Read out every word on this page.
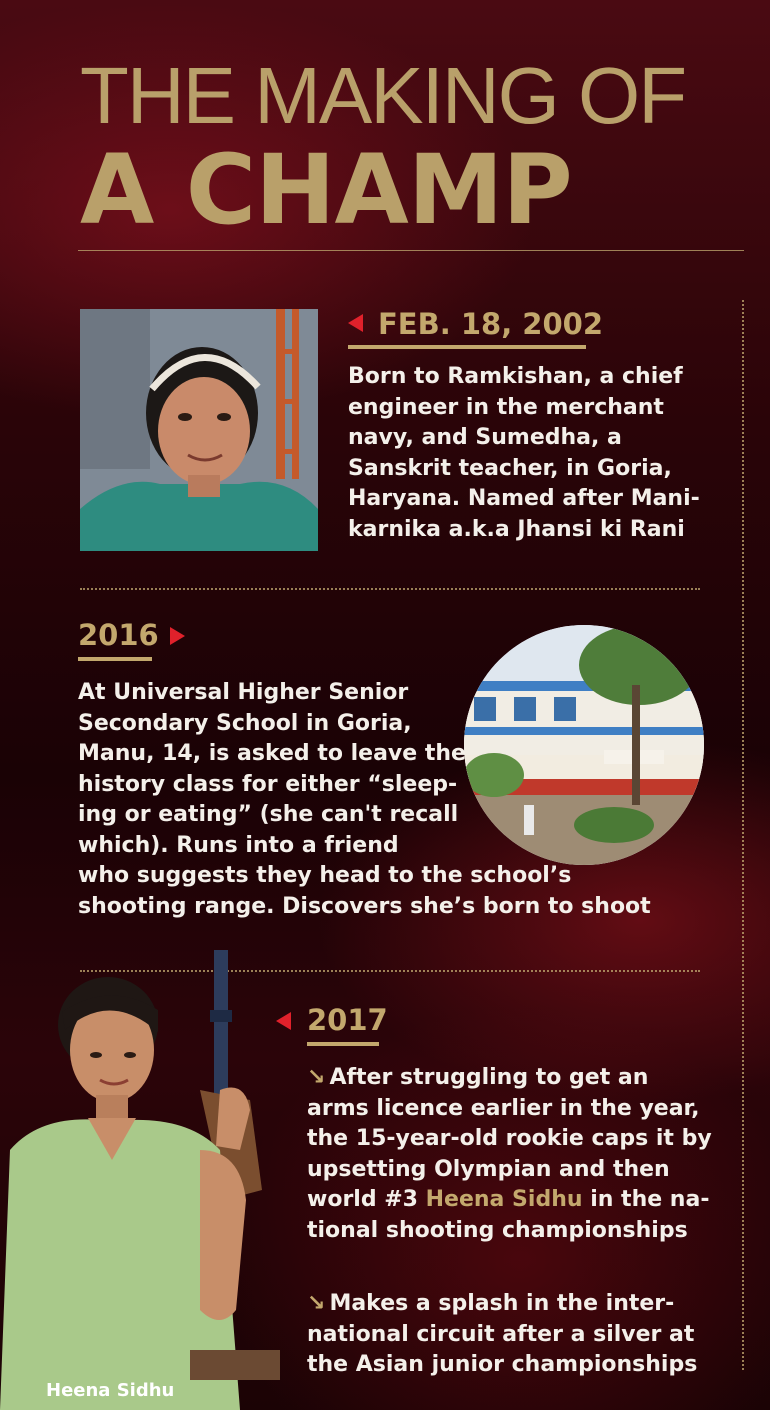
THE MAKING OF
A CHAMP
FEB. 18, 2002
Born to Ramkishan, a chief
engineer in the merchant
navy, and Sumedha, a
Sanskrit teacher, in Goria,
Haryana. Named after Mani-
karnika a.k.a Jhansi ki Rani
2016
At Universal Higher Senior
Secondary School in Goria,
Manu, 14, is asked to leave the
history class for either “sleep-
ing or eating” (she can't recall
which). Runs into a friend
who suggests they head to the school’s
shooting range. Discovers she’s born to shoot
2017
↘ After struggling to get an
arms licence earlier in the year,
the 15-year-old rookie caps it by
upsetting Olympian and then
world #3 Heena Sidhu in the na-
tional shooting championships
↘ Makes a splash in the inter-
national circuit after a silver at
the Asian junior championships
Heena Sidhu
